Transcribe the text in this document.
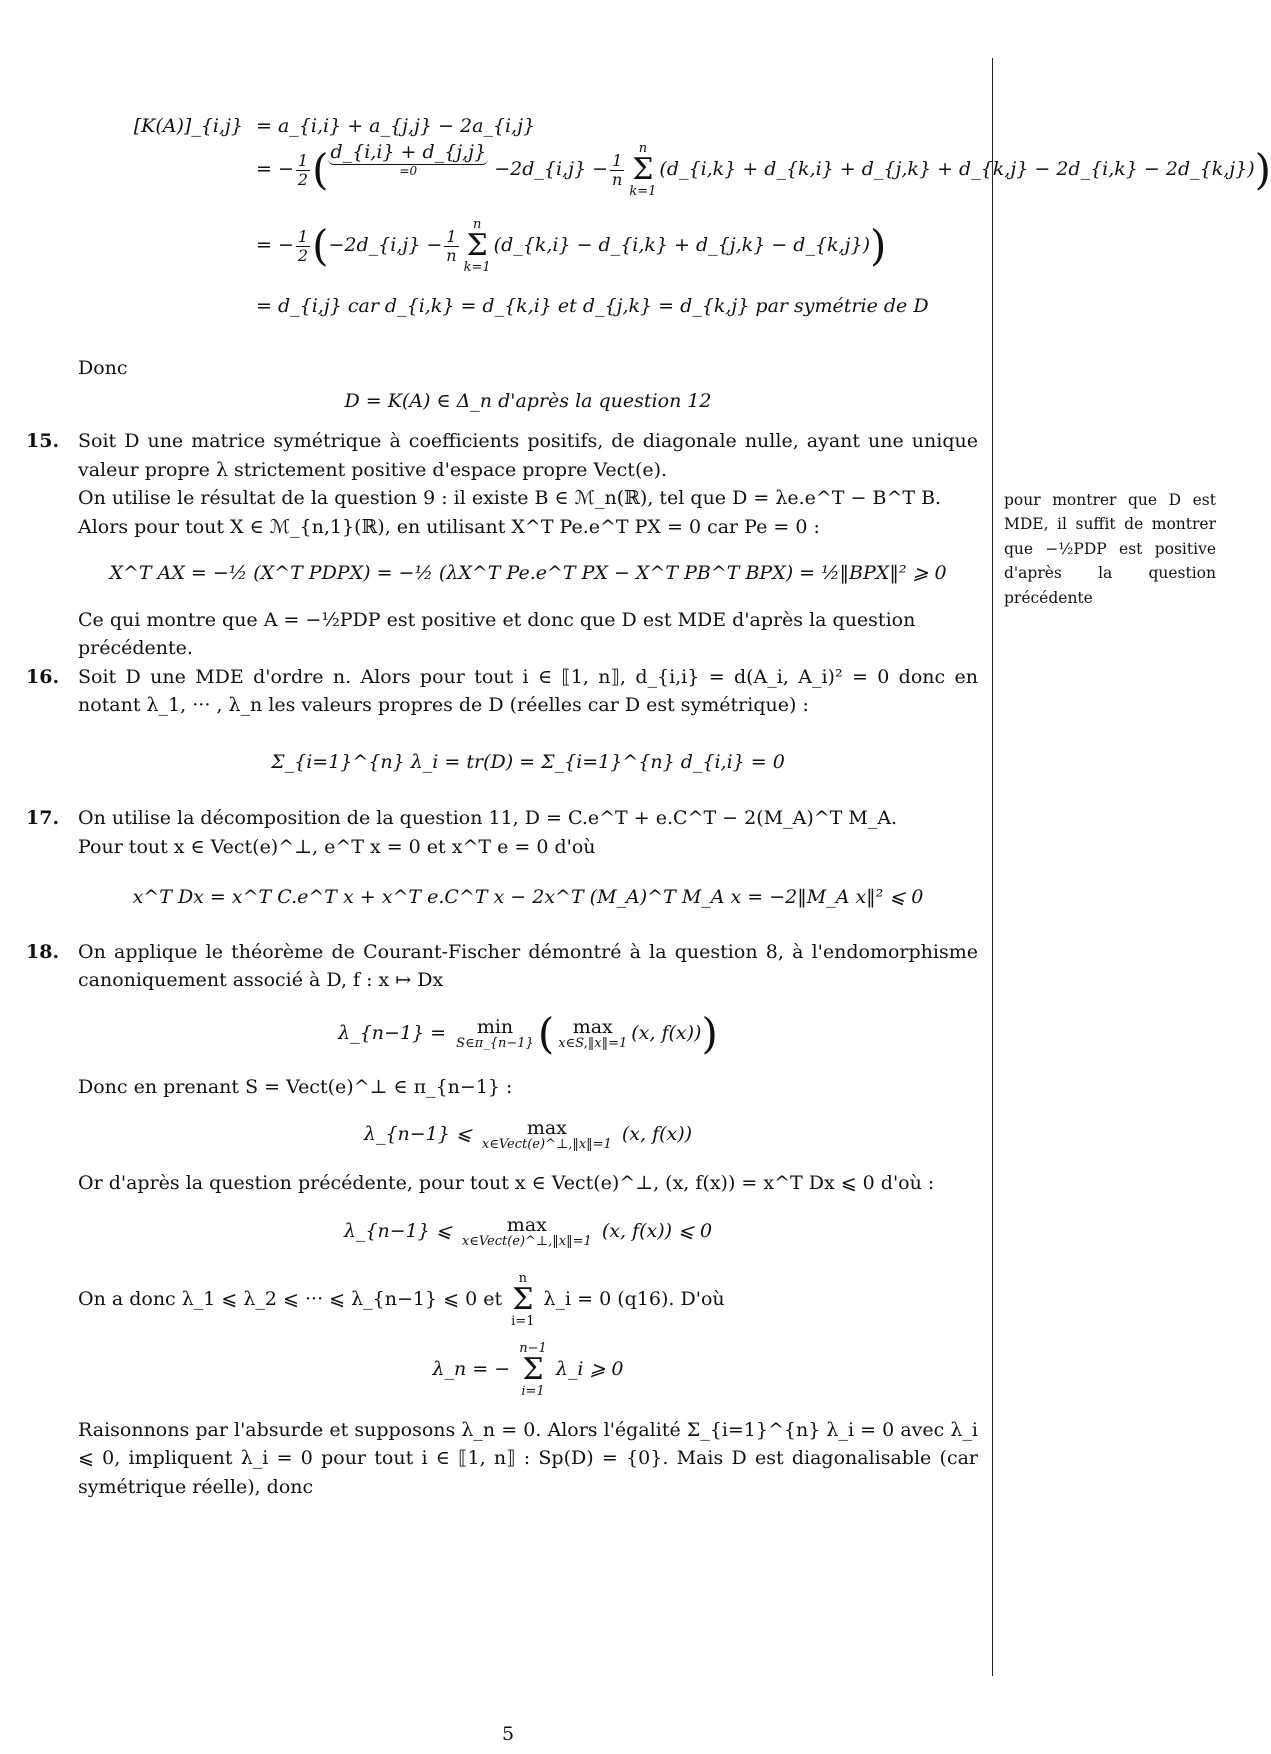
[K(A)]_{i,j} = a_{i,i} + a_{j,j} − 2a_{i,j}
= − $\frac{1}{2}$ ( d_{i,i} + d_{j,j}
=0	−2d_{i,j} − $\frac{1}{n}$
n
Σ
k=1
(d_{i,k} + d_{k,i} + d_{j,k} + d_{k,j} − 2d_{i,k} − 2d_{k,j}))
= − $\frac{1}{2}$ (−2d_{i,j} − $\frac{1}{n}$
n
Σ
k=1
(d_{k,i} − d_{i,k} + d_{j,k} − d_{k,j}))
= d_{i,j} car d_{i,k} = d_{k,i} et d_{j,k} = d_{k,j} par symétrie de D

Donc

D = K(A) ∈ Δ_n d'après la question 12

15. Soit D une matrice symétrique à coefficients positifs, de diagonale nulle, ayant une unique valeur propre λ strictement positive d'espace propre Vect(e).

On utilise le résultat de la question 9 : il existe B ∈ ℳ_n(ℝ), tel que D = λe.e^T − B^T B.

Alors pour tout X ∈ ℳ_{n,1}(ℝ), en utilisant X^T Pe.e^T PX = 0 car Pe = 0 :

X^T AX = −½ (X^T PDPX) = −½ (λX^T Pe.e^T PX − X^T PB^T BPX) = ½‖BPX‖² ⩾ 0

Ce qui montre que A = −½PDP est positive et donc que D est MDE d'après la question précédente.

16. Soit D une MDE d'ordre n. Alors pour tout i ∈ ⟦1, n⟧, d_{i,i} = d(A_i, A_i)² = 0 donc en notant λ_1, ··· , λ_n les valeurs propres de D (réelles car D est symétrique) :

Σ_{i=1}^{n} λ_i = tr(D) = Σ_{i=1}^{n} d_{i,i} = 0

17. On utilise la décomposition de la question 11, D = C.e^T + e.C^T − 2(M_A)^T M_A.

Pour tout x ∈ Vect(e)^⊥, e^T x = 0 et x^T e = 0 d'où

x^T Dx = x^T C.e^T x + x^T e.C^T x − 2x^T (M_A)^T M_A x = −2‖M_A x‖² ⩽ 0

18. On applique le théorème de Courant-Fischer démontré à la question 8, à l'endomorphisme canoniquement associé à D, f : x ↦ Dx

λ_{n−1} = min
S∈π_{n−1} ( max
x∈S,‖x‖=1 (x, f(x)))

Donc en prenant S = Vect(e)^⊥ ∈ π_{n−1} :

λ_{n−1} ⩽	max
x∈Vect(e)^⊥,‖x‖=1 (x, f(x))

Or d'après la question précédente, pour tout x ∈ Vect(e)^⊥, (x, f(x)) = x^T Dx ⩽ 0 d'où :

λ_{n−1} ⩽	max
x∈Vect(e)^⊥,‖x‖=1 (x, f(x)) ⩽ 0

On a donc λ_1 ⩽ λ_2 ⩽ ··· ⩽ λ_{n−1} ⩽ 0 et
n
Σ
i=1
λ_i = 0 (q16). D'où

λ_n = −
n−1
Σ
i=1
λ_i ⩾ 0

Raisonnons par l'absurde et supposons λ_n = 0. Alors l'égalité Σ_{i=1}^{n} λ_i = 0 avec λ_i ⩽ 0, impliquent λ_i = 0 pour tout i ∈ ⟦1, n⟧ : Sp(D) = {0}. Mais D est diagonalisable (car symétrique réelle), donc

pour montrer que D est MDE, il suffit de montrer que −½PDP est positive d'après la question précédente
5
